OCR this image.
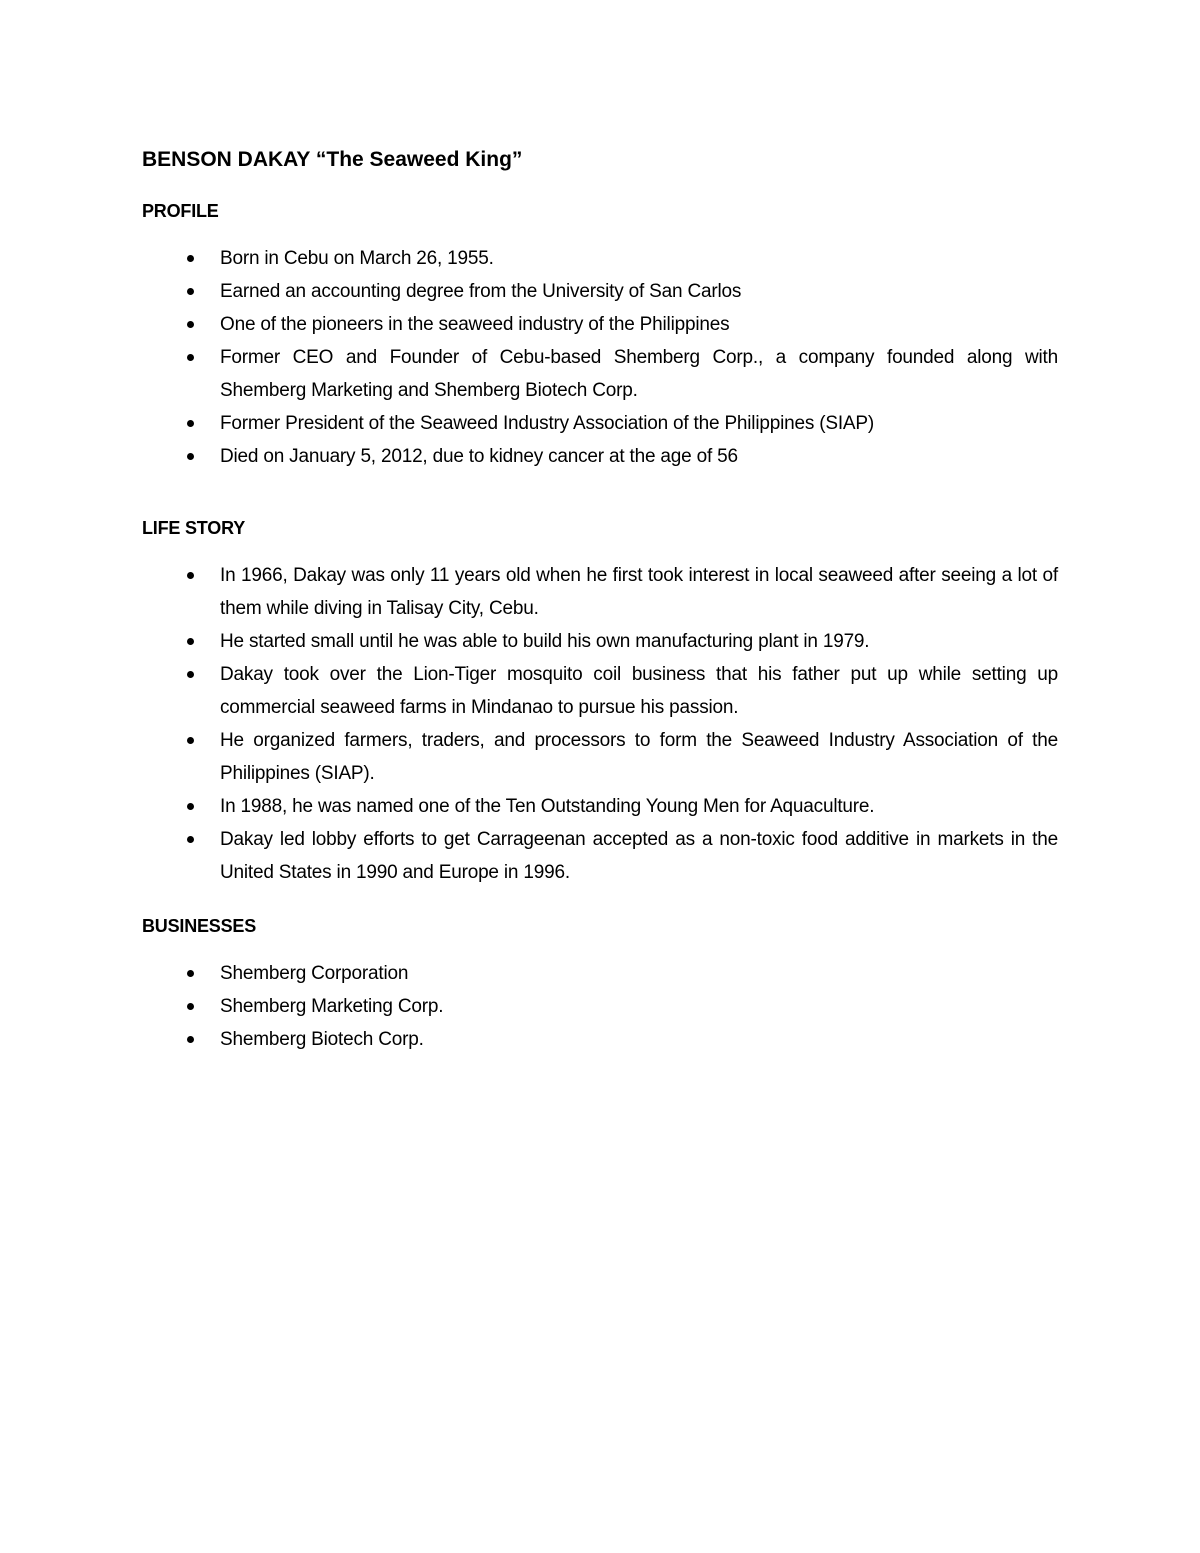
BENSON DAKAY “The Seaweed King”
PROFILE
Born in Cebu on March 26, 1955.
Earned an accounting degree from the University of San Carlos
One of the pioneers in the seaweed industry of the Philippines
Former CEO and Founder of Cebu-based Shemberg Corp., a company founded along with Shemberg Marketing and Shemberg Biotech Corp.
Former President of the Seaweed Industry Association of the Philippines (SIAP)
Died on January 5, 2012, due to kidney cancer at the age of 56
LIFE STORY
In 1966, Dakay was only 11 years old when he first took interest in local seaweed after seeing a lot of them while diving in Talisay City, Cebu.
He started small until he was able to build his own manufacturing plant in 1979.
Dakay took over the Lion-Tiger mosquito coil business that his father put up while setting up commercial seaweed farms in Mindanao to pursue his passion.
He organized farmers, traders, and processors to form the Seaweed Industry Association of the Philippines (SIAP).
In 1988, he was named one of the Ten Outstanding Young Men for Aquaculture.
Dakay led lobby efforts to get Carrageenan accepted as a non-toxic food additive in markets in the United States in 1990 and Europe in 1996.
BUSINESSES
Shemberg Corporation
Shemberg Marketing Corp.
Shemberg Biotech Corp.
